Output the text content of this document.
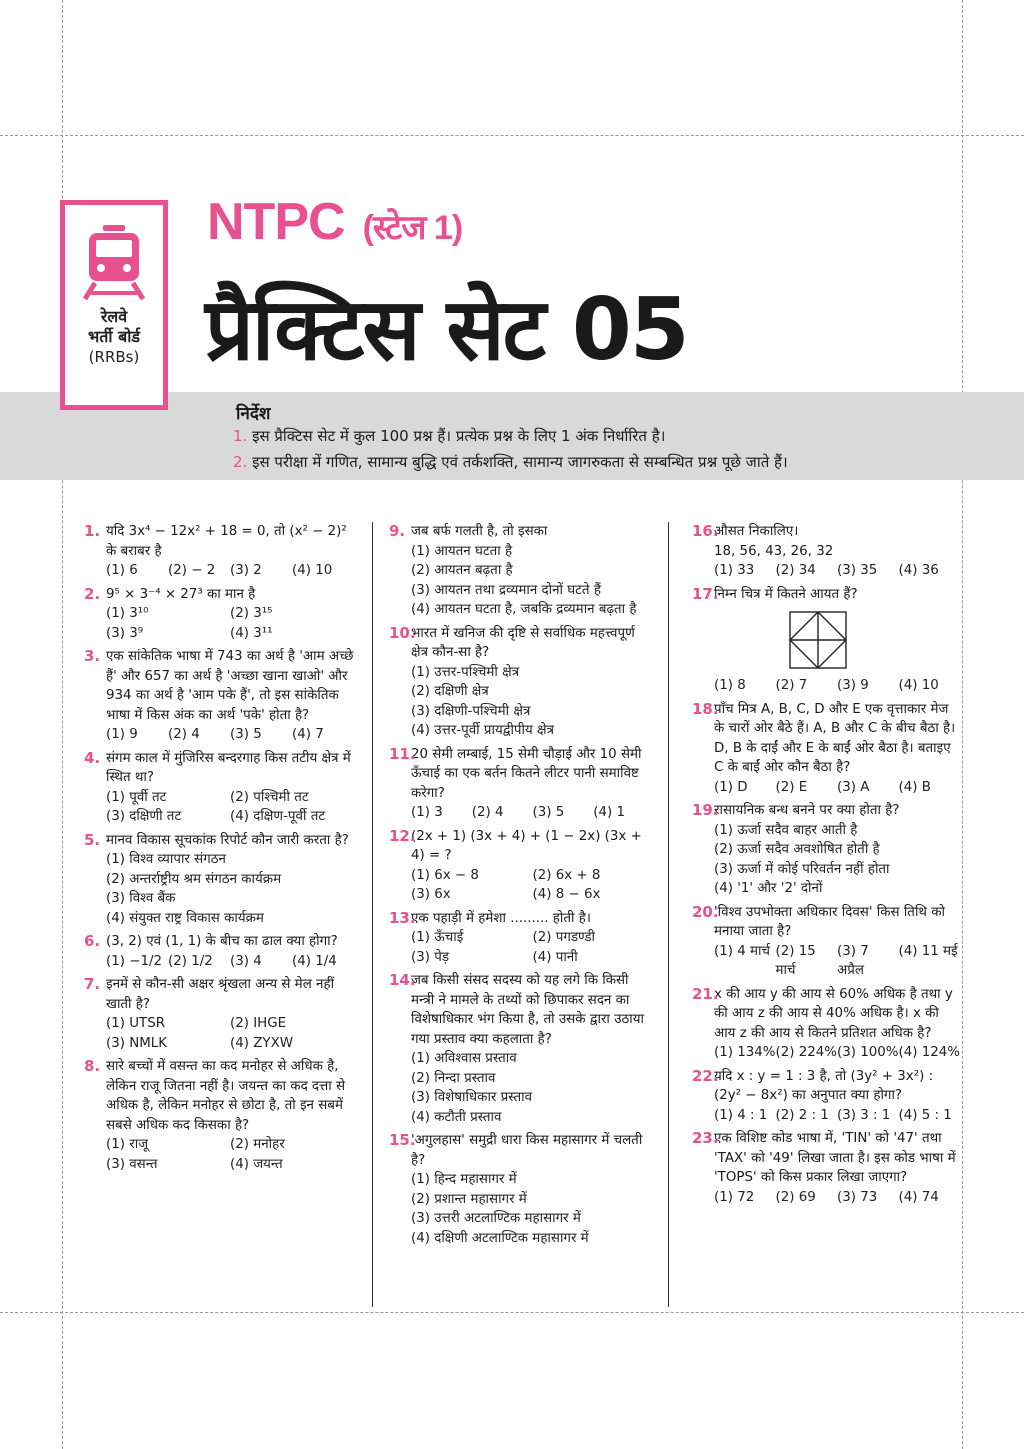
रेलवे
भर्ती बोर्ड
(RRBs)
NTPC (स्टेज 1)
प्रैक्टिस सेट 05
निर्देश
1. इस प्रैक्टिस सेट में कुल 100 प्रश्न हैं। प्रत्येक प्रश्न के लिए 1 अंक निर्धारित है।
2. इस परीक्षा में गणित, सामान्य बुद्धि एवं तर्कशक्ति, सामान्य जागरुकता से सम्बन्धित प्रश्न पूछे जाते हैं।
1. यदि 3x⁴ − 12x² + 18 = 0, तो (x² − 2)² के बराबर है
(1) 6	(2) − 2	(3) 2	(4) 10
2. 9⁵ × 3⁻⁴ × 27³ का मान है
(1) 3¹⁰	(2) 3¹⁵
(3) 3⁹	(4) 3¹¹
3. एक सांकेतिक भाषा में 743 का अर्थ है 'आम अच्छे हैं' और 657 का अर्थ है 'अच्छा खाना खाओ' और 934 का अर्थ है 'आम पके हैं', तो इस सांकेतिक भाषा में किस अंक का अर्थ 'पके' होता है?
(1) 9	(2) 4	(3) 5	(4) 7
4. संगम काल में मुंजिरिस बन्दरगाह किस तटीय क्षेत्र में स्थित था?
(1) पूर्वी तट	(2) पश्चिमी तट
(3) दक्षिणी तट	(4) दक्षिण-पूर्वी तट
5. मानव विकास सूचकांक रिपोर्ट कौन जारी करता है?
(1) विश्व व्यापार संगठन
(2) अन्तर्राष्ट्रीय श्रम संगठन कार्यक्रम
(3) विश्व बैंक
(4) संयुक्त राष्ट्र विकास कार्यक्रम
6. (3, 2) एवं (1, 1) के बीच का ढाल क्या होगा?
(1) −1/2 (2) 1/2	(3) 4	(4) 1/4
7. इनमें से कौन-सी अक्षर श्रृंखला अन्य से मेल नहीं खाती है?
(1) UTSR	(2) IHGE
(3) NMLK	(4) ZYXW
8. सारे बच्चों में वसन्त का कद मनोहर से अधिक है, लेकिन राजू जितना नहीं है। जयन्त का कद दत्ता से अधिक है, लेकिन मनोहर से छोटा है, तो इन सबमें सबसे अधिक कद किसका है?
(1) राजू	(2) मनोहर
(3) वसन्त	(4) जयन्त
9. जब बर्फ गलती है, तो इसका
(1) आयतन घटता है
(2) आयतन बढ़ता है
(3) आयतन तथा द्रव्यमान दोनों घटते हैं
(4) आयतन घटता है, जबकि द्रव्यमान बढ़ता है
10.
भारत में खनिज की दृष्टि से सर्वाधिक महत्त्वपूर्ण क्षेत्र कौन-सा है?
(1) उत्तर-पश्चिमी क्षेत्र
(2) दक्षिणी क्षेत्र
(3) दक्षिणी-पश्चिमी क्षेत्र
(4) उत्तर-पूर्वी प्रायद्वीपीय क्षेत्र
11.
20 सेमी लम्बाई, 15 सेमी चौड़ाई और 10 सेमी ऊँचाई का एक बर्तन कितने लीटर पानी समाविष्ट करेगा?
(1) 3	(2) 4	(3) 5	(4) 1
12.
(2x + 1) (3x + 4) + (1 − 2x) (3x + 4) = ?
(1) 6x − 8	(2) 6x + 8
(3) 6x	(4) 8 − 6x
13.
एक पहाड़ी में हमेशा ......... होती है।
(1) ऊँचाई	(2) पगडण्डी
(3) पेड़	(4) पानी
14.
जब किसी संसद सदस्य को यह लगे कि किसी मन्त्री ने मामले के तथ्यों को छिपाकर सदन का विशेषाधिकार भंग किया है, तो उसके द्वारा उठाया गया प्रस्ताव क्या कहलाता है?
(1) अविश्वास प्रस्ताव
(2) निन्दा प्रस्ताव
(3) विशेषाधिकार प्रस्ताव
(4) कटौती प्रस्ताव
15.
'अगुलहास' समुद्री धारा किस महासागर में चलती है?
(1) हिन्द महासागर में
(2) प्रशान्त महासागर में
(3) उत्तरी अटलाण्टिक महासागर में
(4) दक्षिणी अटलाण्टिक महासागर में
16.
औसत निकालिए।
18, 56, 43, 26, 32
(1) 33	(2) 34	(3) 35	(4) 36
17.
निम्न चित्र में कितने आयत हैं?
(1) 8	(2) 7	(3) 9	(4) 10
18.
पाँच मित्र A, B, C, D और E एक वृत्ताकार मेज के चारों ओर बैठे हैं। A, B और C के बीच बैठा है। D, B के दाईं और E के बाईं ओर बैठा है। बताइए C के बाईं ओर कौन बैठा है?
(1) D	(2) E	(3) A	(4) B
19.
रासायनिक बन्ध बनने पर क्या होता है?
(1) ऊर्जा सदैव बाहर आती है
(2) ऊर्जा सदैव अवशोषित होती है
(3) ऊर्जा में कोई परिवर्तन नहीं होता
(4) '1' और '2' दोनों
20.
'विश्व उपभोक्ता अधिकार दिवस' किस तिथि को मनाया जाता है?
(1) 4 मार्च (2) 15 मार्च
(3) 7 अप्रैल
(4) 11 मई
21.
x की आय y की आय से 60% अधिक है तथा y की आय z की आय से 40% अधिक है। x की आय z की आय से कितने प्रतिशत अधिक है?
(1) 134% (2) 224% (3) 100% (4) 124%
22.
यदि x : y = 1 : 3 है, तो (3y² + 3x²) : (2y² − 8x²) का अनुपात क्या होगा?
(1) 4 : 1 (2) 2 : 1 (3) 3 : 1 (4) 5 : 1
23.
एक विशिष्ट कोड भाषा में, 'TIN' को '47' तथा 'TAX' को '49' लिखा जाता है। इस कोड भाषा में 'TOPS' को किस प्रकार लिखा जाएगा?
(1) 72	(2) 69	(3) 73	(4) 74
